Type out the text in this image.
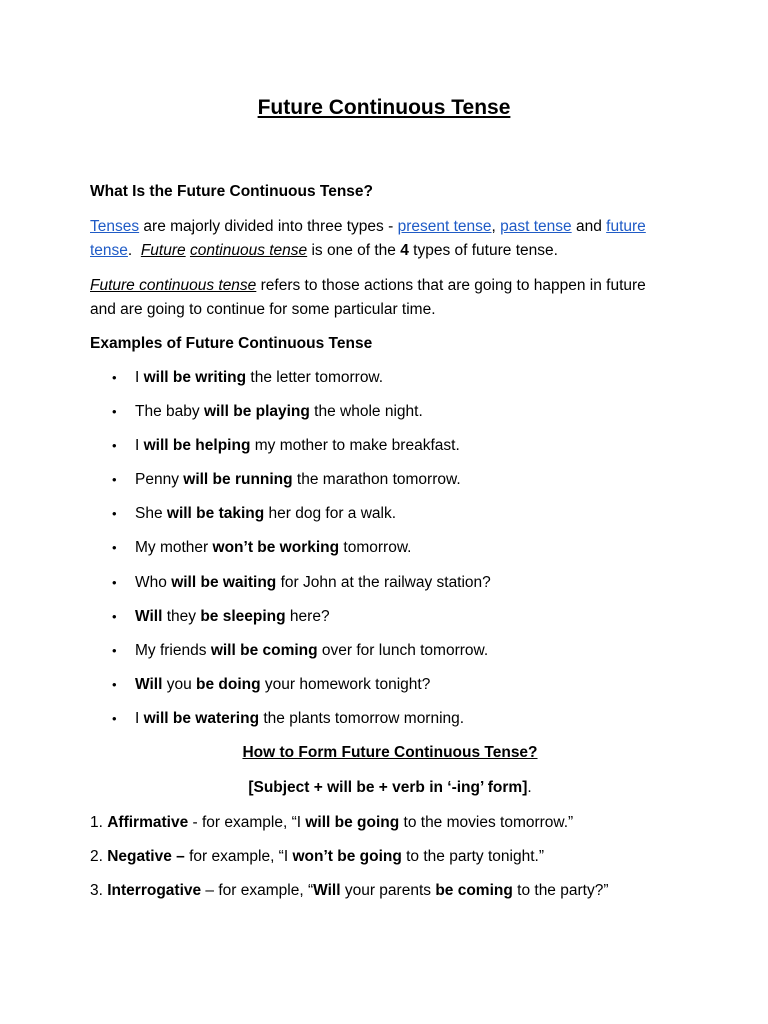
Future Continuous Tense

What Is the Future Continuous Tense?

Tenses are majorly divided into three types - present tense, past tense and future
tense.  Future continuous tense is one of the 4 types of future tense.

Future continuous tense refers to those actions that are going to happen in future
and are going to continue for some particular time.

Examples of Future Continuous Tense

• I will be writing the letter tomorrow.
• The baby will be playing the whole night.
• I will be helping my mother to make breakfast.
• Penny will be running the marathon tomorrow.
• She will be taking her dog for a walk.
• My mother won’t be working tomorrow.
• Who will be waiting for John at the railway station?
• Will they be sleeping here?
• My friends will be coming over for lunch tomorrow.
• Will you be doing your homework tonight?
• I will be watering the plants tomorrow morning.

How to Form Future Continuous Tense?

[Subject + will be + verb in ‘-ing’ form].

1. Affirmative - for example, “I will be going to the movies tomorrow.”

2. Negative – for example, “I won’t be going to the party tonight.”

3. Interrogative – for example, “Will your parents be coming to the party?”
